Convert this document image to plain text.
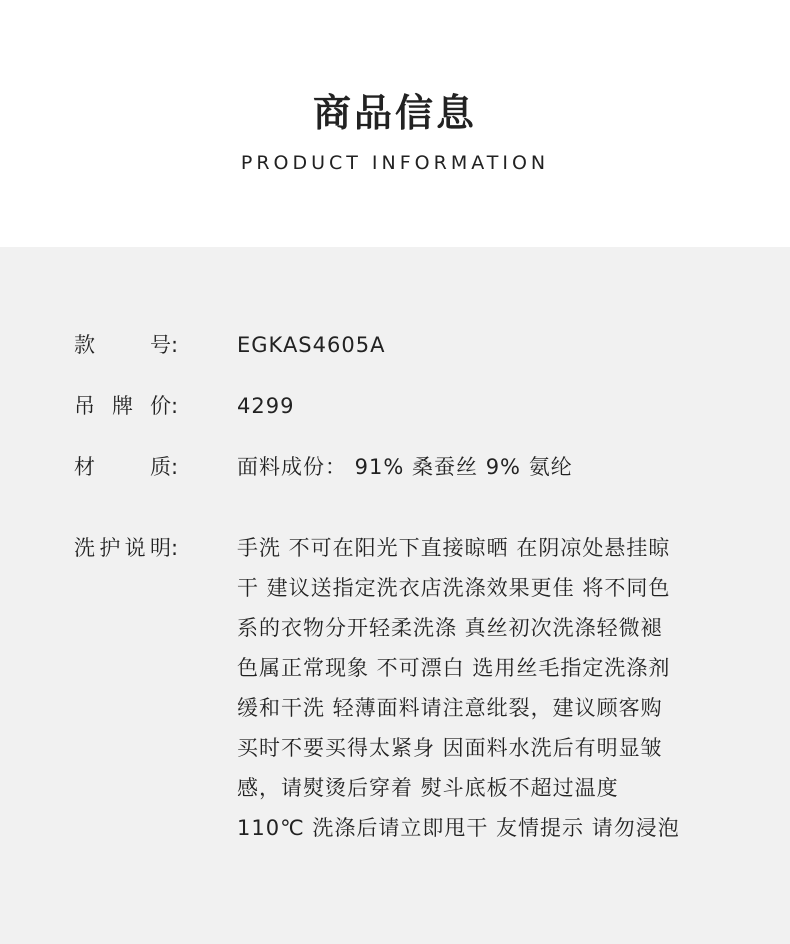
商品信息
PRODUCT INFORMATION
款号:	EGKAS4605A
吊牌价:	4299
材质:	面料成份： 91% 桑蚕丝 9% 氨纶
洗护说明:	手洗 不可在阳光下直接晾晒 在阴凉处悬挂晾
干 建议送指定洗衣店洗涤效果更佳 将不同色
系的衣物分开轻柔洗涤 真丝初次洗涤轻微褪
色属正常现象 不可漂白 选用丝毛指定洗涤剂
缓和干洗 轻薄面料请注意纰裂，建议顾客购
买时不要买得太紧身 因面料水洗后有明显皱
感，请熨烫后穿着 熨斗底板不超过温度
110℃ 洗涤后请立即甩干 友情提示 请勿浸泡
